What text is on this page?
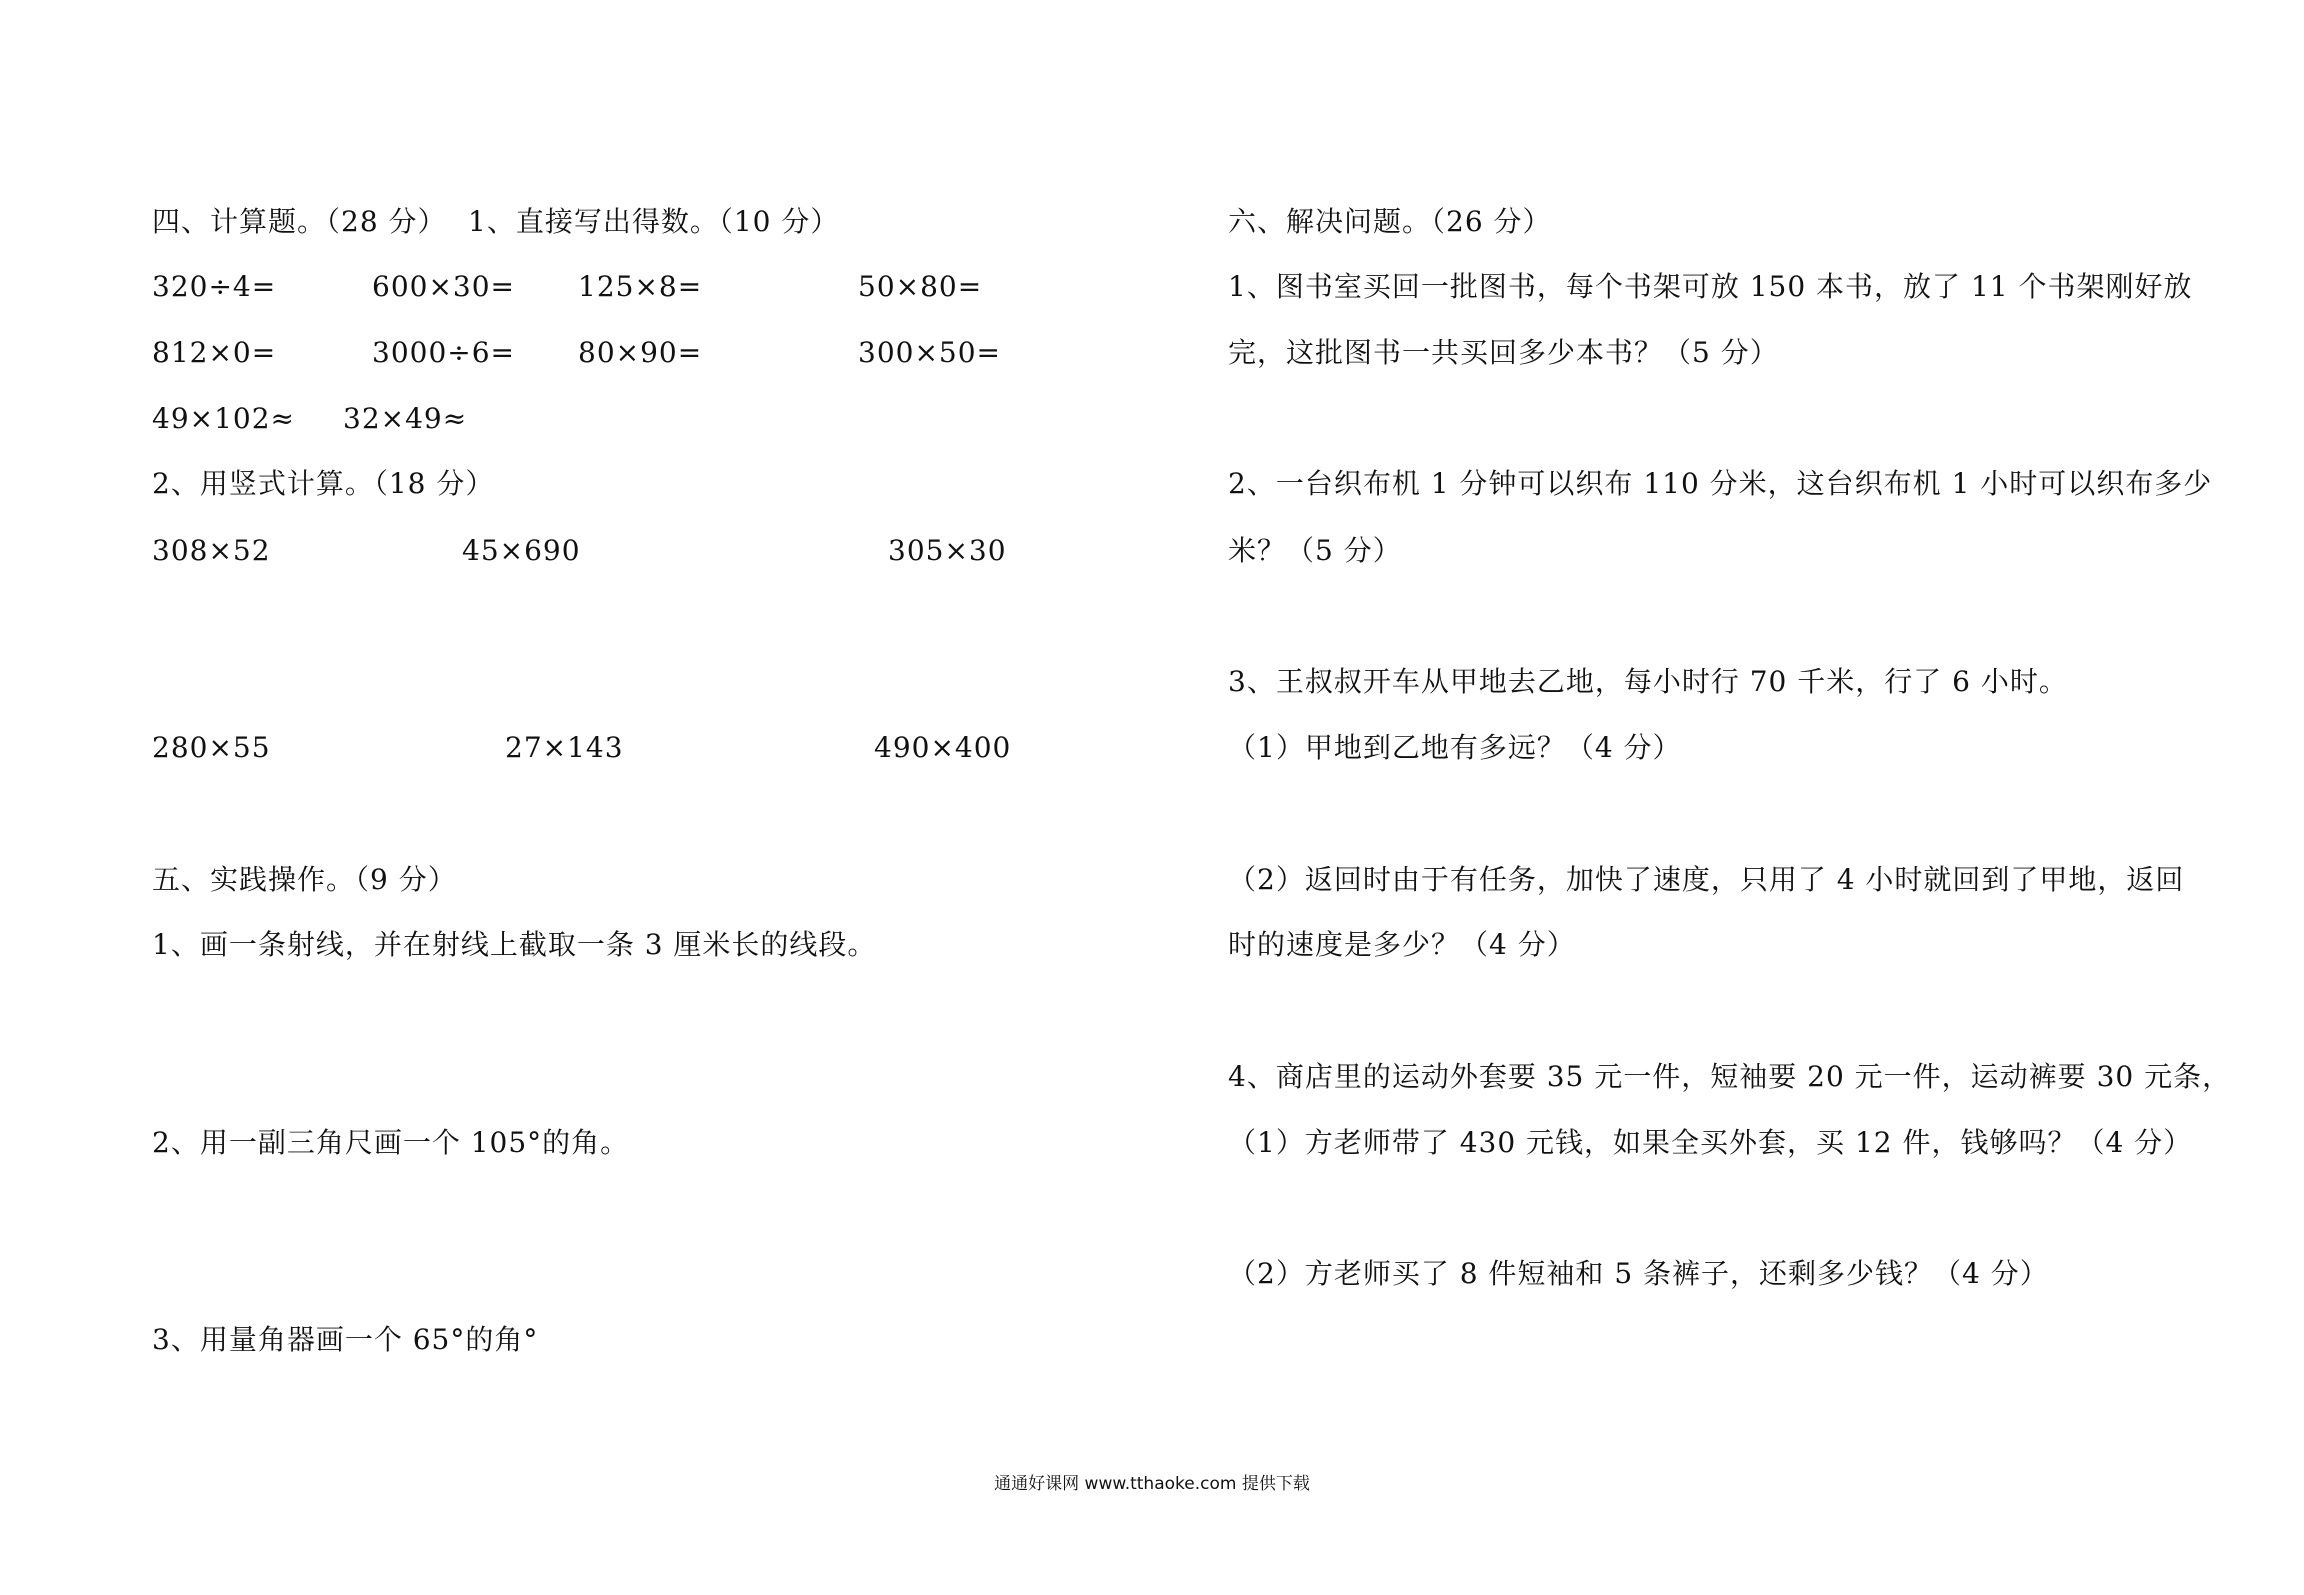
四、计算题。（28 分） 1、直接写出得数。（10 分）
320÷4=	600×30= 125×8=	50×80=
812×0=	3000÷6= 80×90=	300×50=
49×102≈ 32×49≈
2、用竖式计算。（18 分）
308×52	45×690	305×30
280×55	27×143	490×400
五、实践操作。（9 分）
1、画一条射线，并在射线上截取一条 3 厘米长的线段。
2、用一副三角尺画一个 105°的角。
3、用量角器画一个 65°的角°
六、解决问题。（26 分）
1、图书室买回一批图书，每个书架可放 150 本书，放了 11 个书架刚好放
完，这批图书一共买回多少本书？（5 分）
2、一台织布机 1 分钟可以织布 110 分米，这台织布机 1 小时可以织布多少
米？（5 分）
3、王叔叔开车从甲地去乙地，每小时行 70 千米，行了 6 小时。
（1）甲地到乙地有多远？（4 分）
（2）返回时由于有任务，加快了速度，只用了 4 小时就回到了甲地，返回
时的速度是多少？（4 分）
4、商店里的运动外套要 35 元一件，短袖要 20 元一件，运动裤要 30 元条，
（1）方老师带了 430 元钱，如果全买外套，买 12 件，钱够吗？（4 分）
（2）方老师买了 8 件短袖和 5 条裤子，还剩多少钱？（4 分）
通通好课网 www.tthaoke.com 提供下载
